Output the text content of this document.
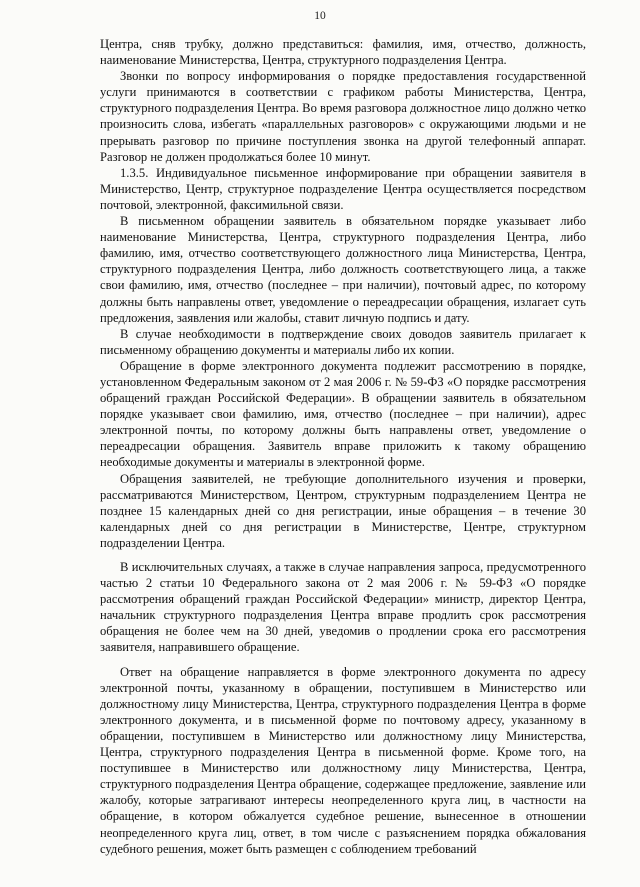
10

Центра, сняв трубку, должно представиться: фамилия, имя, отчество, должность, наименование Министерства, Центра, структурного подразделения Центра.

Звонки по вопросу информирования о порядке предоставления государственной услуги принимаются в соответствии с графиком работы Министерства, Центра, структурного подразделения Центра. Во время разговора должностное лицо должно четко произносить слова, избегать «параллельных разговоров» с окружающими людьми и не прерывать разговор по причине поступления звонка на другой телефонный аппарат. Разговор не должен продолжаться более 10 минут.

1.3.5. Индивидуальное письменное информирование при обращении заявителя в Министерство, Центр, структурное подразделение Центра осуществляется посредством почтовой, электронной, факсимильной связи.

В письменном обращении заявитель в обязательном порядке указывает либо наименование Министерства, Центра, структурного подразделения Центра, либо фамилию, имя, отчество соответствующего должностного лица Министерства, Центра, структурного подразделения Центра, либо должность соответствующего лица, а также свои фамилию, имя, отчество (последнее – при наличии), почтовый адрес, по которому должны быть направлены ответ, уведомление о переадресации обращения, излагает суть предложения, заявления или жалобы, ставит личную подпись и дату.

В случае необходимости в подтверждение своих доводов заявитель прилагает к письменному обращению документы и материалы либо их копии.

Обращение в форме электронного документа подлежит рассмотрению в порядке, установленном Федеральным законом от 2 мая 2006 г. № 59-ФЗ «О порядке рассмотрения обращений граждан Российской Федерации». В обращении заявитель в обязательном порядке указывает свои фамилию, имя, отчество (последнее – при наличии), адрес электронной почты, по которому должны быть направлены ответ, уведомление о переадресации обращения. Заявитель вправе приложить к такому обращению необходимые документы и материалы в электронной форме.

Обращения заявителей, не требующие дополнительного изучения и проверки, рассматриваются Министерством, Центром, структурным подразделением Центра не позднее 15 календарных дней со дня регистрации, иные обращения – в течение 30 календарных дней со дня регистрации в Министерстве, Центре, структурном подразделении Центра.

В исключительных случаях, а также в случае направления запроса, предусмотренного частью 2 статьи 10 Федерального закона от 2 мая 2006 г. № 59-ФЗ «О порядке рассмотрения обращений граждан Российской Федерации» министр, директор Центра, начальник структурного подразделения Центра вправе продлить срок рассмотрения обращения не более чем на 30 дней, уведомив о продлении срока его рассмотрения заявителя, направившего обращение.

Ответ на обращение направляется в форме электронного документа по адресу электронной почты, указанному в обращении, поступившем в Министерство или должностному лицу Министерства, Центра, структурного подразделения Центра в форме электронного документа, и в письменной форме по почтовому адресу, указанному в обращении, поступившем в Министерство или должностному лицу Министерства, Центра, структурного подразделения Центра в письменной форме. Кроме того, на поступившее в Министерство или должностному лицу Министерства, Центра, структурного подразделения Центра обращение, содержащее предложение, заявление или жалобу, которые затрагивают интересы неопределенного круга лиц, в частности на обращение, в котором обжалуется судебное решение, вынесенное в отношении неопределенного круга лиц, ответ, в том числе с разъяснением порядка обжалования судебного решения, может быть размещен с соблюдением требований
